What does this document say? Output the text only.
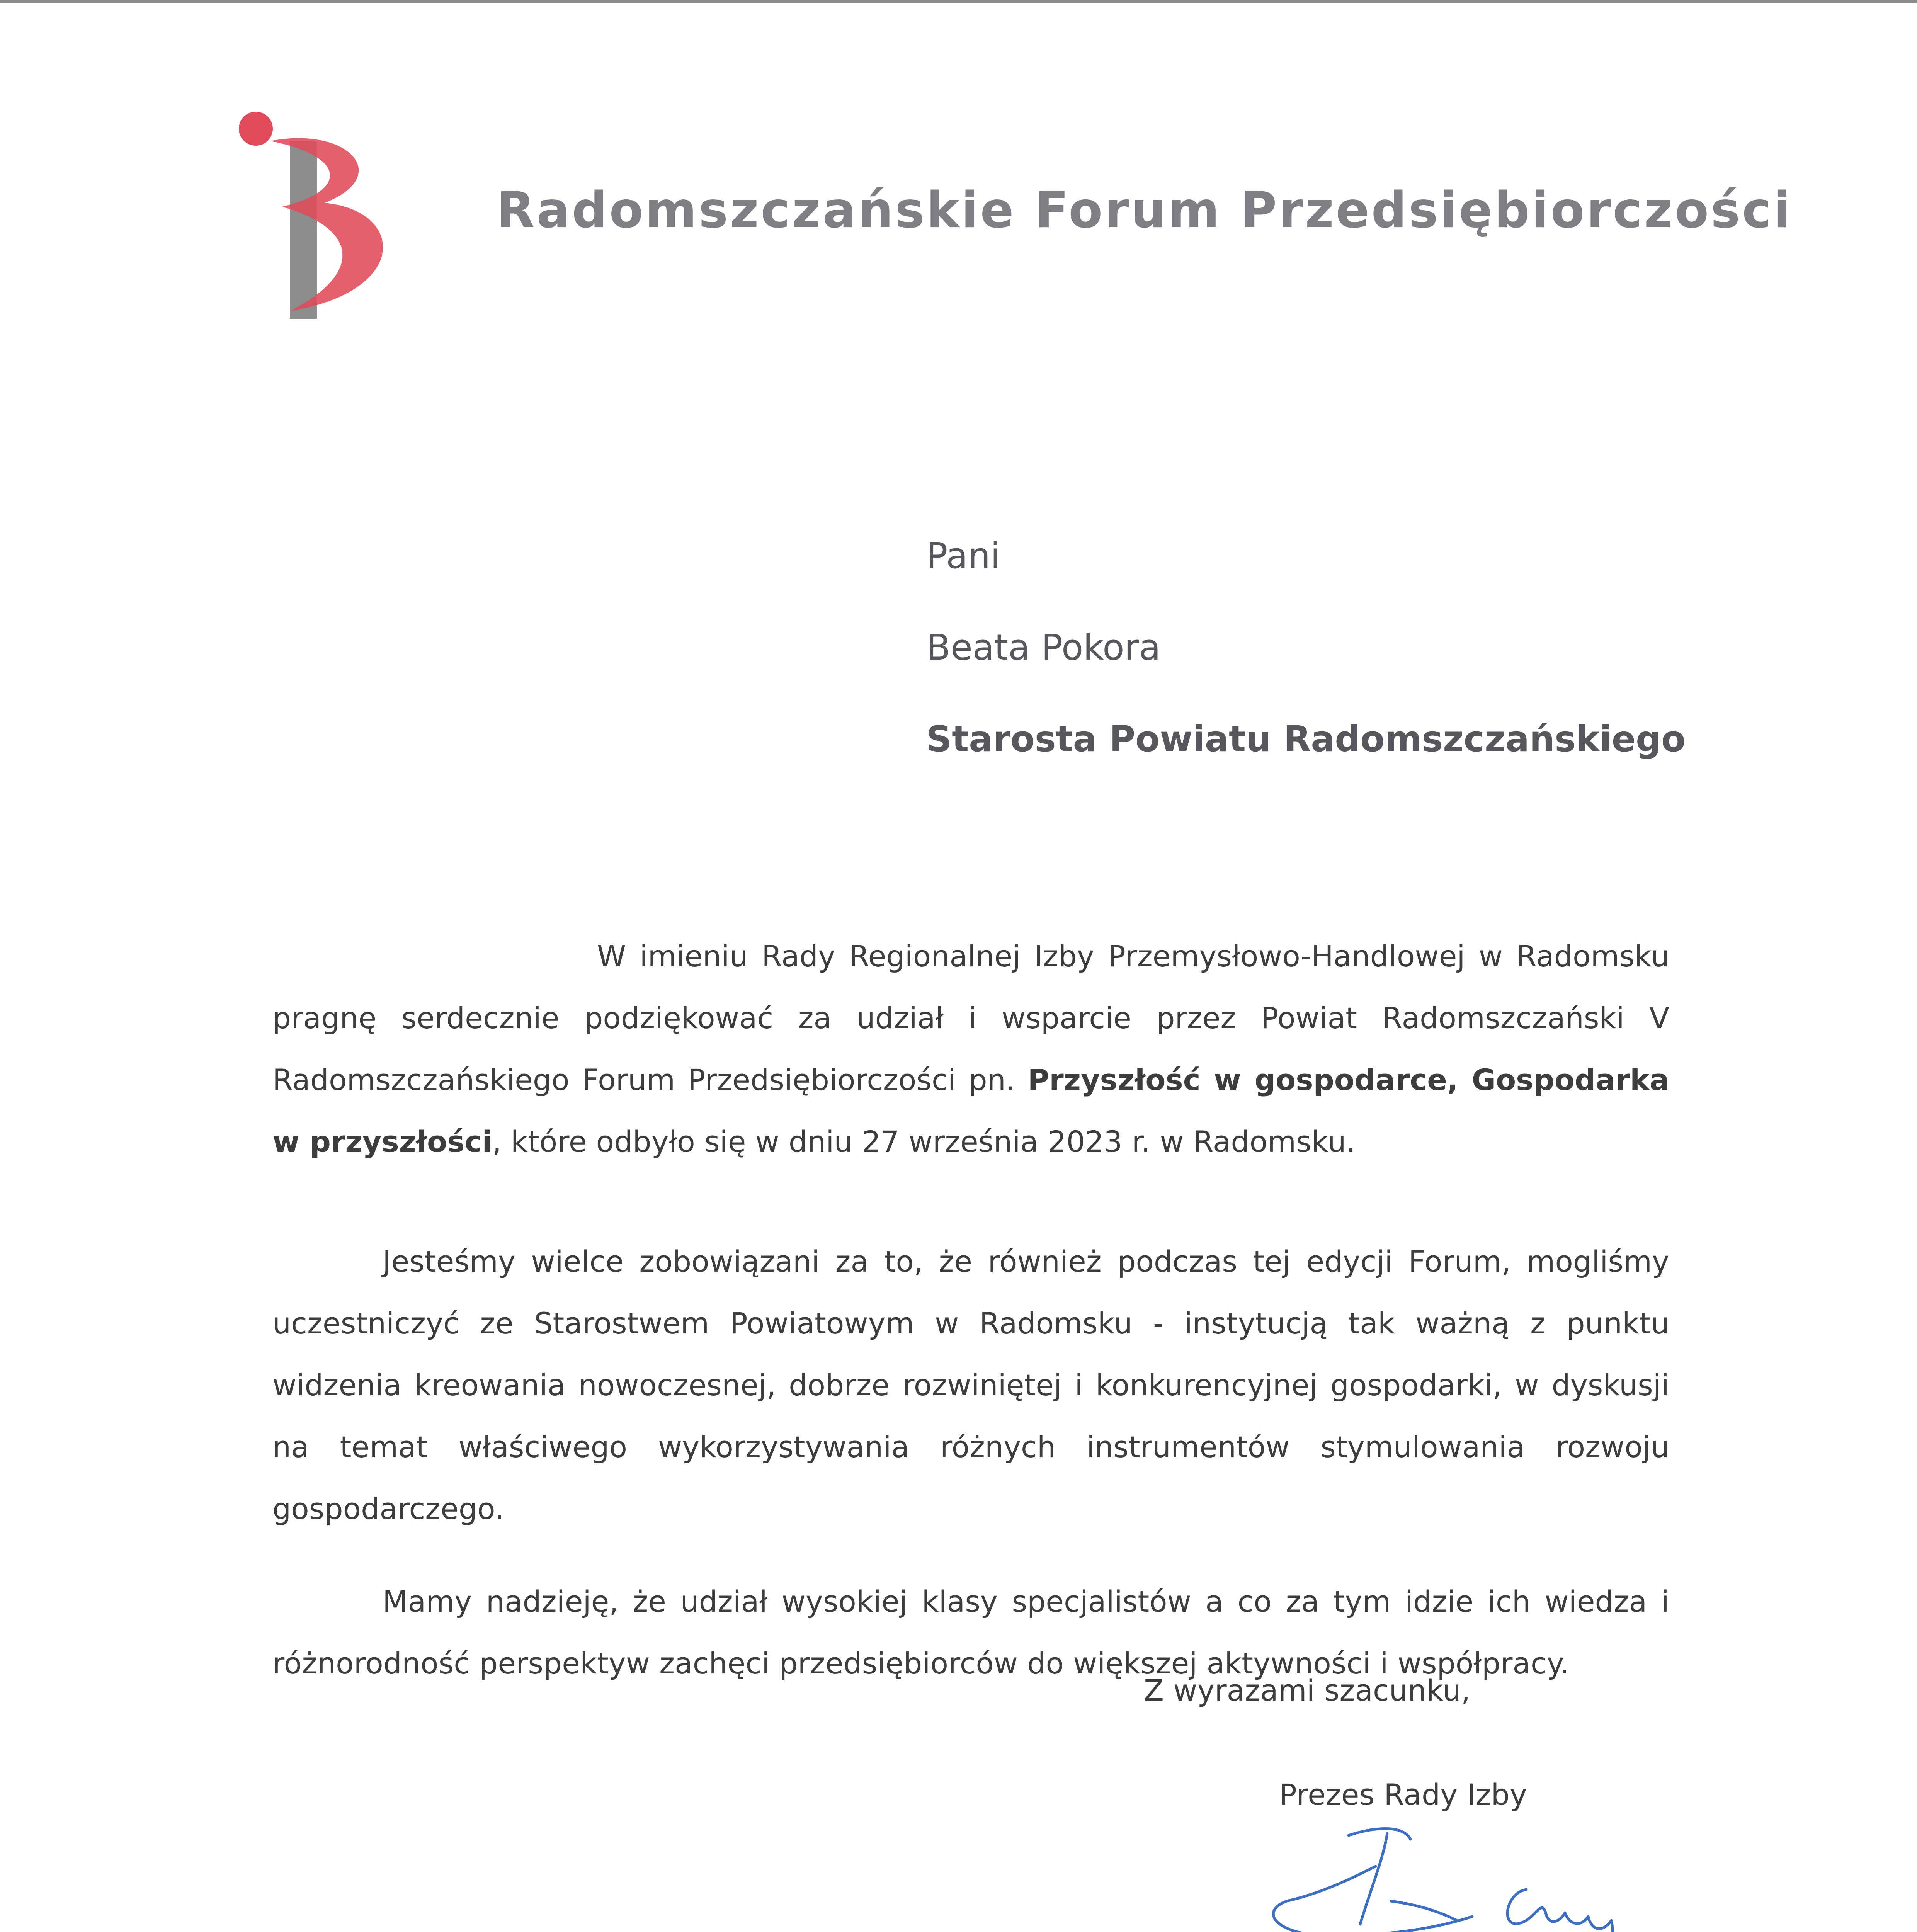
Radomszczańskie Forum Przedsiębiorczości
Pani
Beata Pokora
Starosta Powiatu Radomszczańskiego

W imieniu Rady Regionalnej Izby Przemysłowo-Handlowej w Radomsku pragnę serdecznie podziękować za udział i wsparcie przez Powiat Radomszczański V Radomszczańskiego Forum Przedsiębiorczości pn. Przyszłość w gospodarce, Gospodarka w przyszłości, które odbyło się w dniu 27 września 2023 r. w Radomsku.

Jesteśmy wielce zobowiązani za to, że również podczas tej edycji Forum, mogliśmy uczestniczyć ze Starostwem Powiatowym w Radomsku - instytucją tak ważną z punktu widzenia kreowania nowoczesnej, dobrze rozwiniętej i konkurencyjnej gospodarki, w dyskusji na temat właściwego wykorzystywania różnych instrumentów stymulowania rozwoju gospodarczego.

Mamy nadzieję, że udział wysokiej klasy specjalistów a co za tym idzie ich wiedza i różnorodność perspektyw zachęci przedsiębiorców do większej aktywności i współpracy.

Z wyrazami szacunku,
Prezes Rady Izby
